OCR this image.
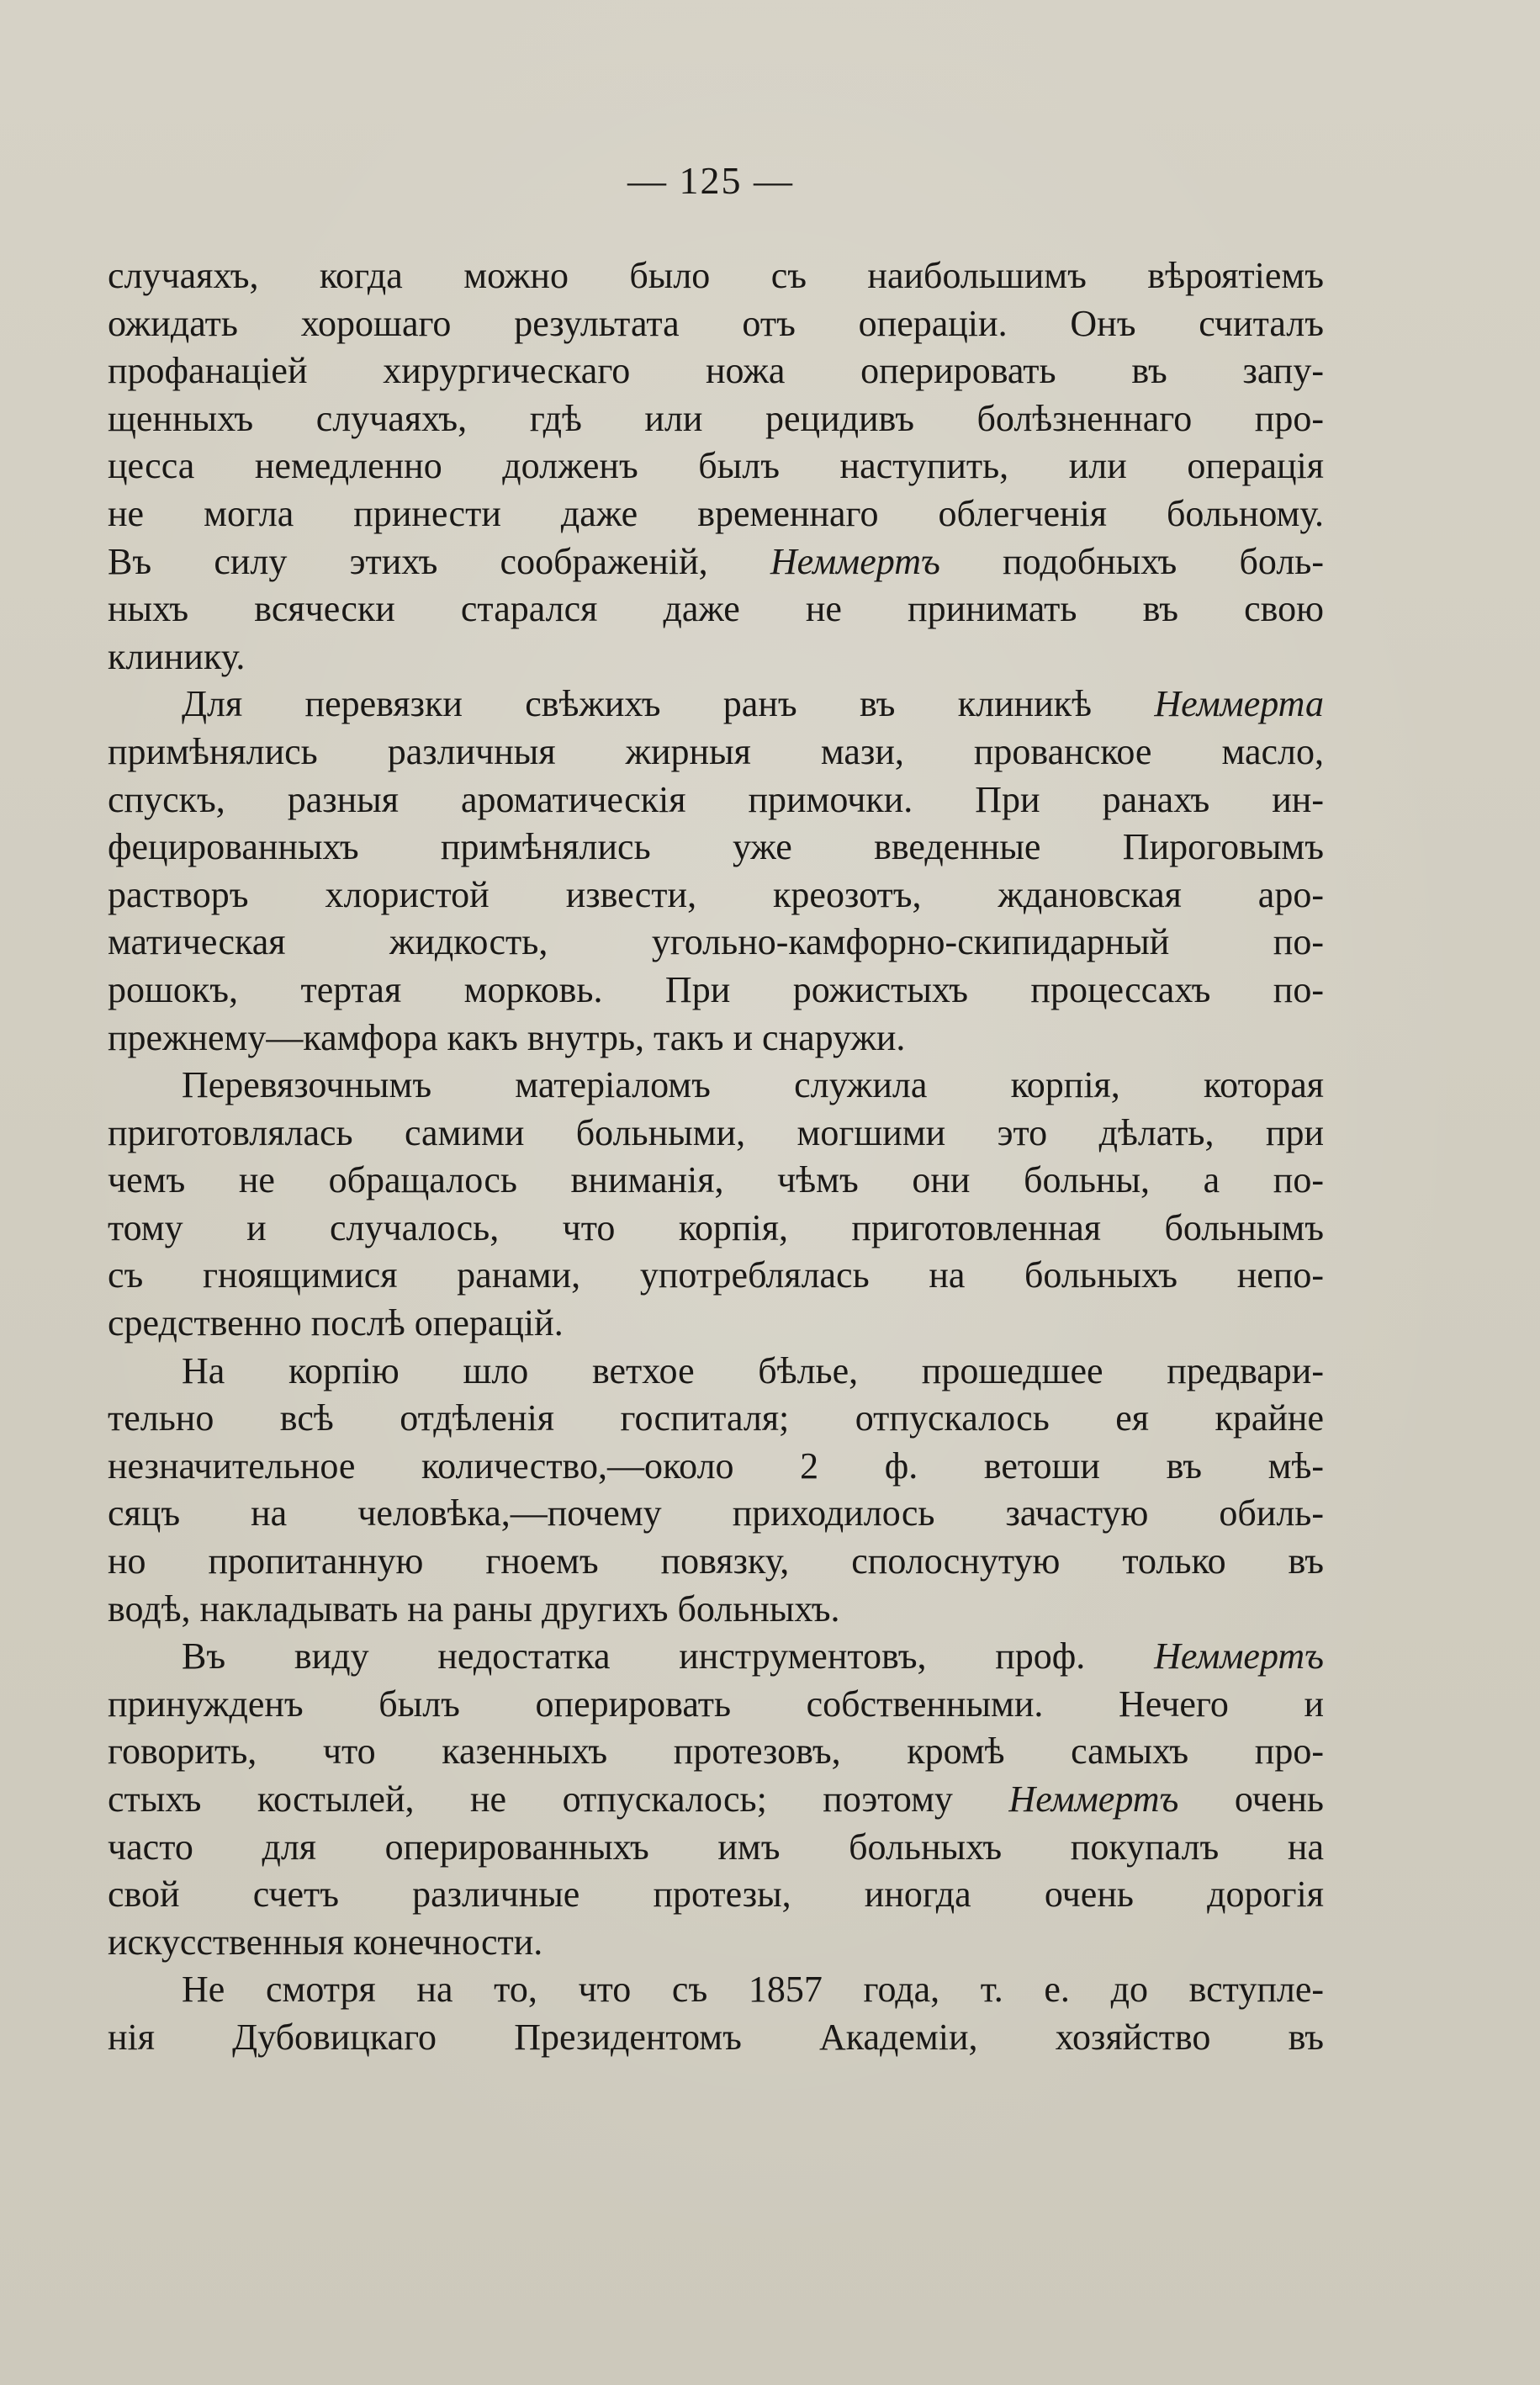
— 125 —
случаяхъ, когда можно было съ наибольшимъ вѣроятіемъ
ожидать хорошаго результата отъ операціи. Онъ считалъ
профанаціей хирургическаго ножа оперировать въ запу-
щенныхъ случаяхъ, гдѣ или рецидивъ болѣзненнаго про-
цесса немедленно долженъ былъ наступить, или операція
не могла принести даже временнаго облегченія больному.
Въ силу этихъ соображеній, Неммертъ подобныхъ боль-
ныхъ всячески старался даже не принимать въ свою
клинику.
Для перевязки свѣжихъ ранъ въ клиникѣ Неммерта
примѣнялись различныя жирныя мази, прованское масло,
спускъ, разныя ароматическія примочки. При ранахъ ин-
фецированныхъ примѣнялись уже введенные Пироговымъ
растворъ хлористой извести, креозотъ, ждановская аро-
матическая жидкость, угольно-камфорно-скипидарный по-
рошокъ, тертая морковь. При рожистыхъ процессахъ по-
прежнему—камфора какъ внутрь, такъ и снаружи.
Перевязочнымъ матеріаломъ служила корпія, которая
приготовлялась самими больными, могшими это дѣлать, при
чемъ не обращалось вниманія, чѣмъ они больны, а по-
тому и случалось, что корпія, приготовленная больнымъ
съ гноящимися ранами, употреблялась на больныхъ непо-
средственно послѣ операцій.
На корпію шло ветхое бѣлье, прошедшее предвари-
тельно всѣ отдѣленія госпиталя; отпускалось ея крайне
незначительное количество,—около 2 ф. ветоши въ мѣ-
сяцъ на человѣка,—почему приходилось зачастую обиль-
но пропитанную гноемъ повязку, сполоснутую только въ
водѣ, накладывать на раны другихъ больныхъ.
Въ виду недостатка инструментовъ, проф. Неммертъ
принужденъ былъ оперировать собственными. Нечего и
говорить, что казенныхъ протезовъ, кромѣ самыхъ про-
стыхъ костылей, не отпускалось; поэтому Неммертъ очень
часто для оперированныхъ имъ больныхъ покупалъ на
свой счетъ различные протезы, иногда очень дорогія
искусственныя конечности.
Не смотря на то, что съ 1857 года, т. е. до вступле-
нія Дубовицкаго Президентомъ Академіи, хозяйство въ
